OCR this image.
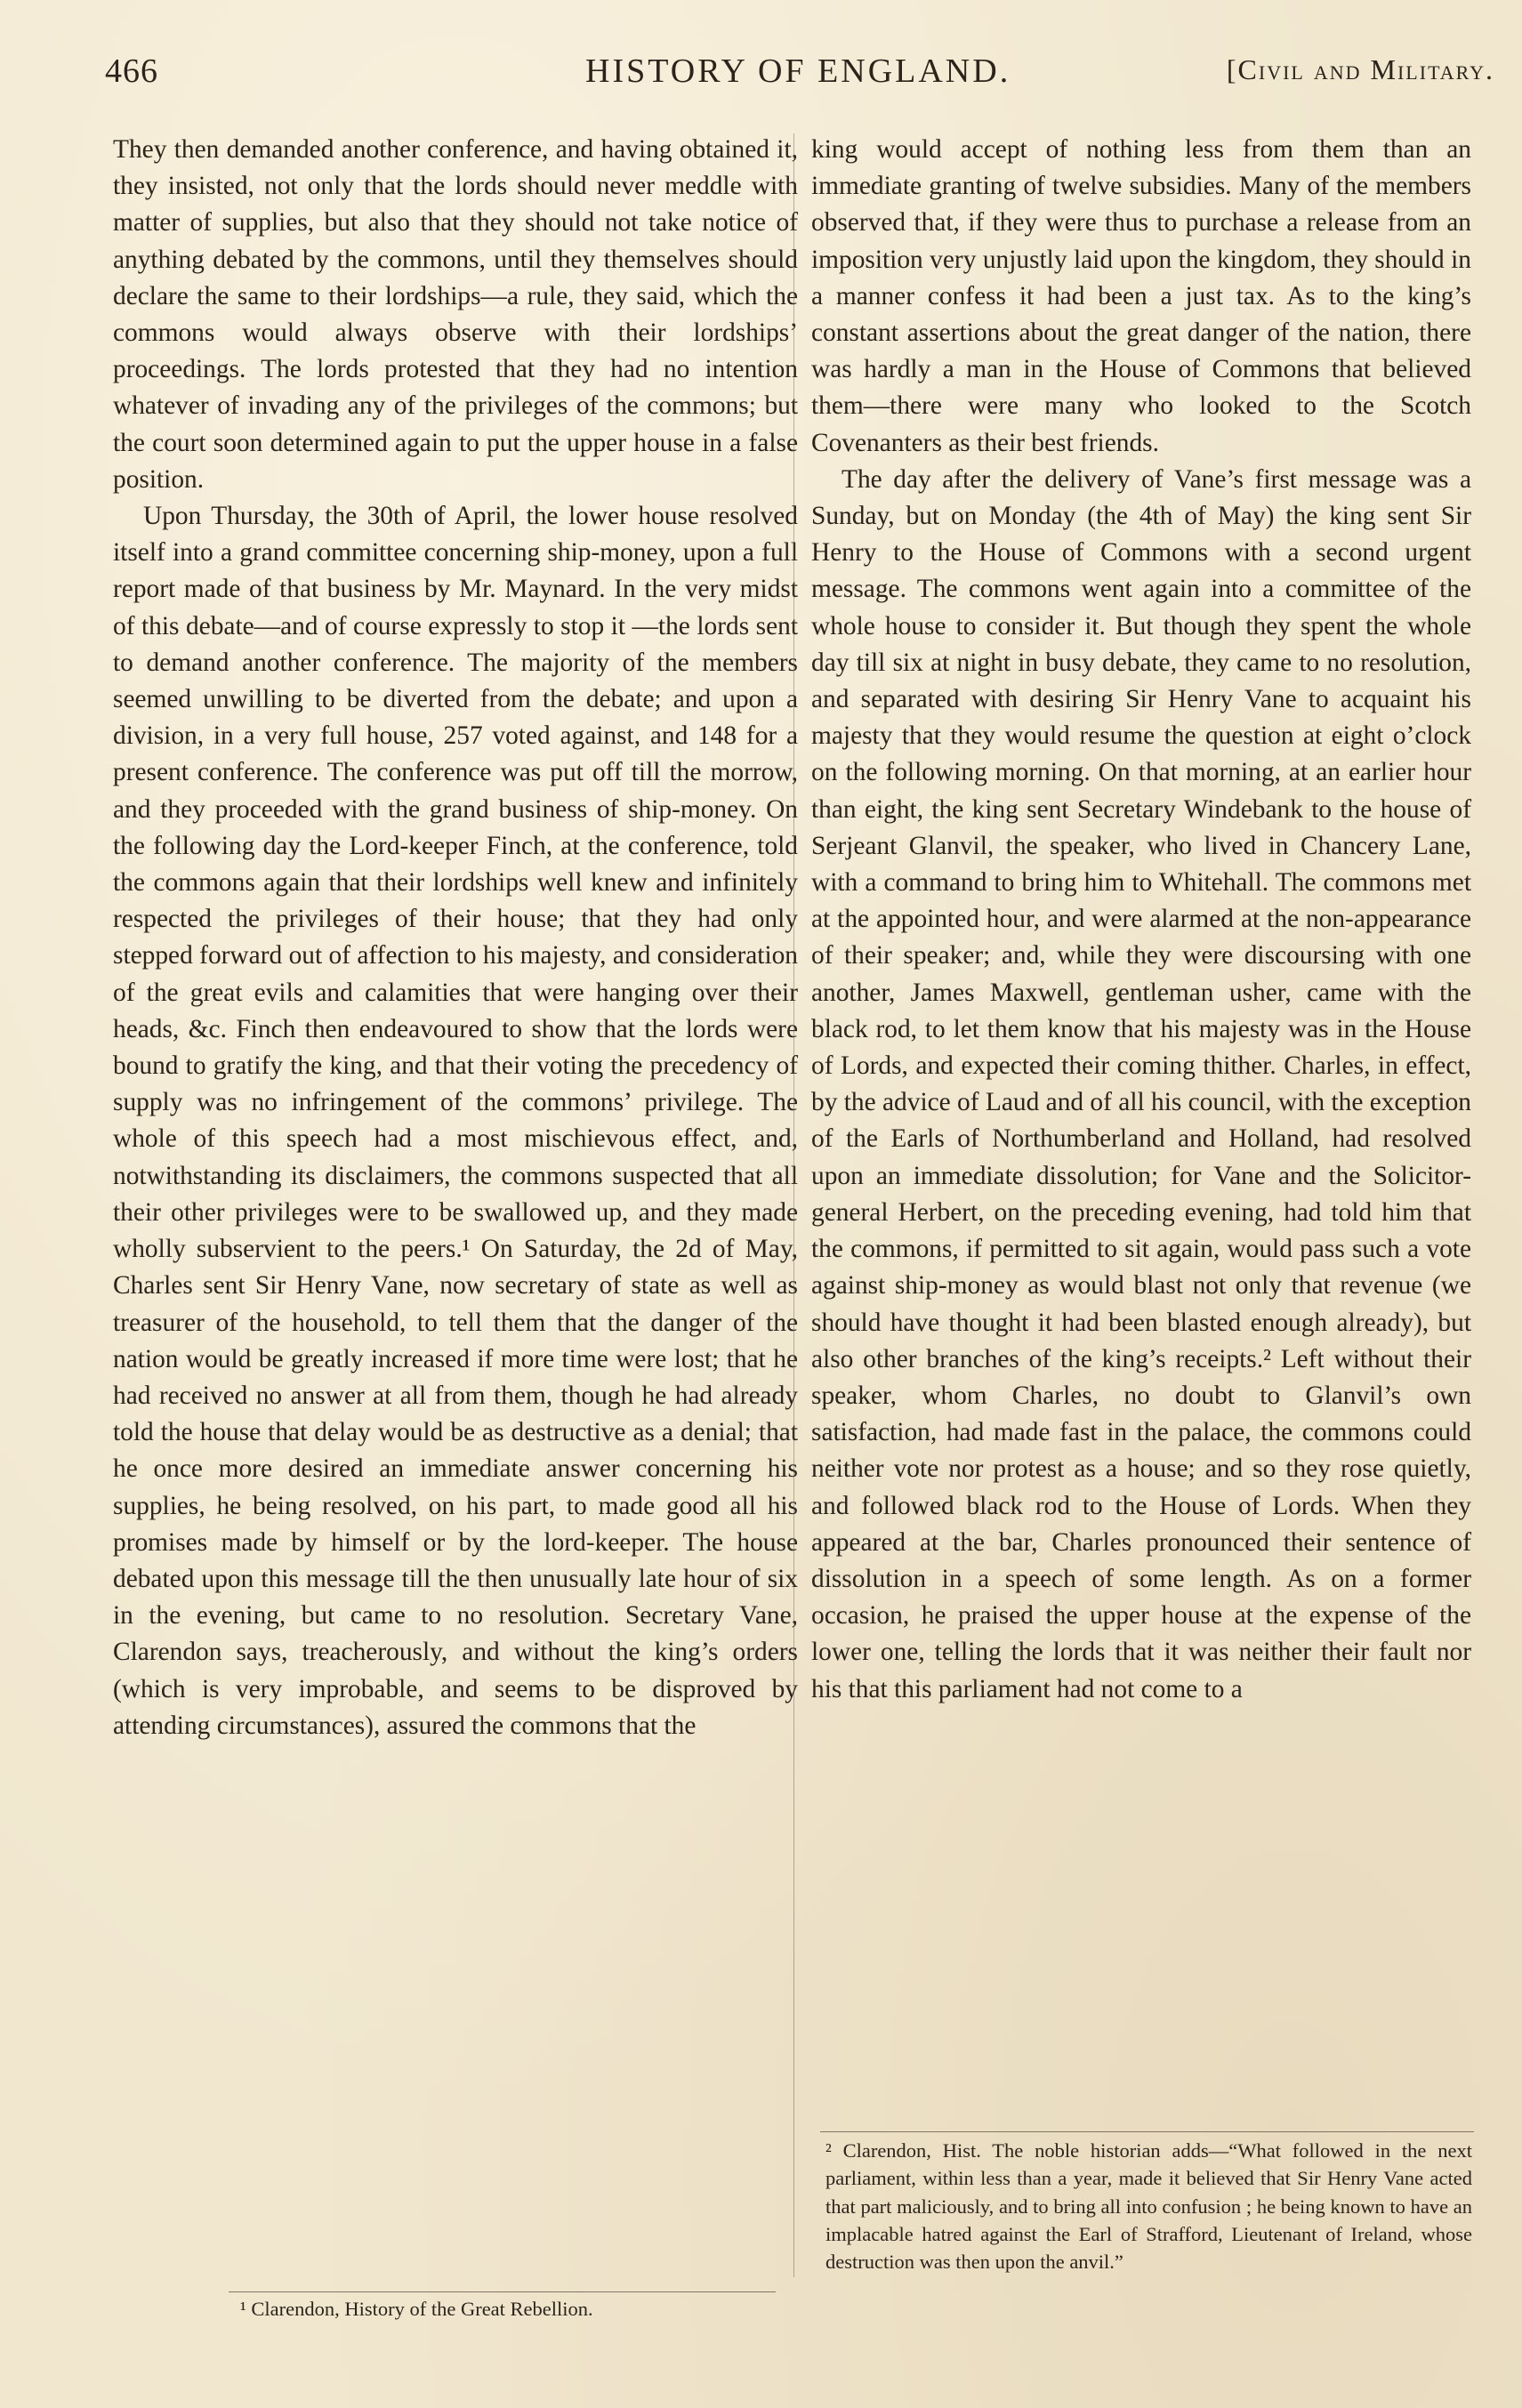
466	HISTORY OF ENGLAND.	[Civil and Military.

They then demanded another conference, and having obtained it, they insisted, not only that the lords should never meddle with matter of supplies, but also that they should not take notice of anything debated by the commons, until they themselves should declare the same to their lordships—a rule, they said, which the commons would always observe with their lordships’ proceedings. The lords protested that they had no intention whatever of invading any of the privileges of the commons; but the court soon determined again to put the upper house in a false position.

Upon Thursday, the 30th of April, the lower house resolved itself into a grand committee concerning ship-money, upon a full report made of that business by Mr. Maynard. In the very midst of this debate—and of course expressly to stop it —the lords sent to demand another conference. The majority of the members seemed unwilling to be diverted from the debate; and upon a division, in a very full house, 257 voted against, and 148 for a present conference. The conference was put off till the morrow, and they proceeded with the grand business of ship-money. On the following day the Lord-keeper Finch, at the conference, told the commons again that their lordships well knew and infinitely respected the privileges of their house; that they had only stepped forward out of affection to his majesty, and consideration of the great evils and calamities that were hanging over their heads, &c. Finch then endeavoured to show that the lords were bound to gratify the king, and that their voting the precedency of supply was no infringement of the commons’ privilege. The whole of this speech had a most mischievous effect, and, notwithstanding its disclaimers, the commons suspected that all their other privileges were to be swallowed up, and they made wholly subservient to the peers.¹ On Saturday, the 2d of May, Charles sent Sir Henry Vane, now secretary of state as well as treasurer of the household, to tell them that the danger of the nation would be greatly increased if more time were lost; that he had received no answer at all from them, though he had already told the house that delay would be as destructive as a denial; that he once more desired an immediate answer concerning his supplies, he being resolved, on his part, to made good all his promises made by himself or by the lord-keeper. The house debated upon this message till the then unusually late hour of six in the evening, but came to no resolution. Secretary Vane, Clarendon says, treacherously, and without the king’s orders (which is very improbable, and seems to be disproved by attending circumstances), assured the commons that the

king would accept of nothing less from them than an immediate granting of twelve subsidies. Many of the members observed that, if they were thus to purchase a release from an imposition very unjustly laid upon the kingdom, they should in a manner confess it had been a just tax. As to the king’s constant assertions about the great danger of the nation, there was hardly a man in the House of Commons that believed them—there were many who looked to the Scotch Covenanters as their best friends.

The day after the delivery of Vane’s first message was a Sunday, but on Monday (the 4th of May) the king sent Sir Henry to the House of Commons with a second urgent message. The commons went again into a committee of the whole house to consider it. But though they spent the whole day till six at night in busy debate, they came to no resolution, and separated with desiring Sir Henry Vane to acquaint his majesty that they would resume the question at eight o’clock on the following morning. On that morning, at an earlier hour than eight, the king sent Secretary Windebank to the house of Serjeant Glanvil, the speaker, who lived in Chancery Lane, with a command to bring him to Whitehall. The commons met at the appointed hour, and were alarmed at the non-appearance of their speaker; and, while they were discoursing with one another, James Maxwell, gentleman usher, came with the black rod, to let them know that his majesty was in the House of Lords, and expected their coming thither. Charles, in effect, by the advice of Laud and of all his council, with the exception of the Earls of Northumberland and Holland, had resolved upon an immediate dissolution; for Vane and the Solicitor-general Herbert, on the preceding evening, had told him that the commons, if permitted to sit again, would pass such a vote against ship-money as would blast not only that revenue (we should have thought it had been blasted enough already), but also other branches of the king’s receipts.² Left without their speaker, whom Charles, no doubt to Glanvil’s own satisfaction, had made fast in the palace, the commons could neither vote nor protest as a house; and so they rose quietly, and followed black rod to the House of Lords. When they appeared at the bar, Charles pronounced their sentence of dissolution in a speech of some length. As on a former occasion, he praised the upper house at the expense of the lower one, telling the lords that it was neither their fault nor his that this parliament had not come to a

² Clarendon, Hist. The noble historian adds—“What followed in the next parliament, within less than a year, made it believed that Sir Henry Vane acted that part maliciously, and to bring all into confusion ; he being known to have an implacable hatred against the Earl of Strafford, Lieutenant of Ireland, whose destruction was then upon the anvil.”
¹ Clarendon, History of the Great Rebellion.
